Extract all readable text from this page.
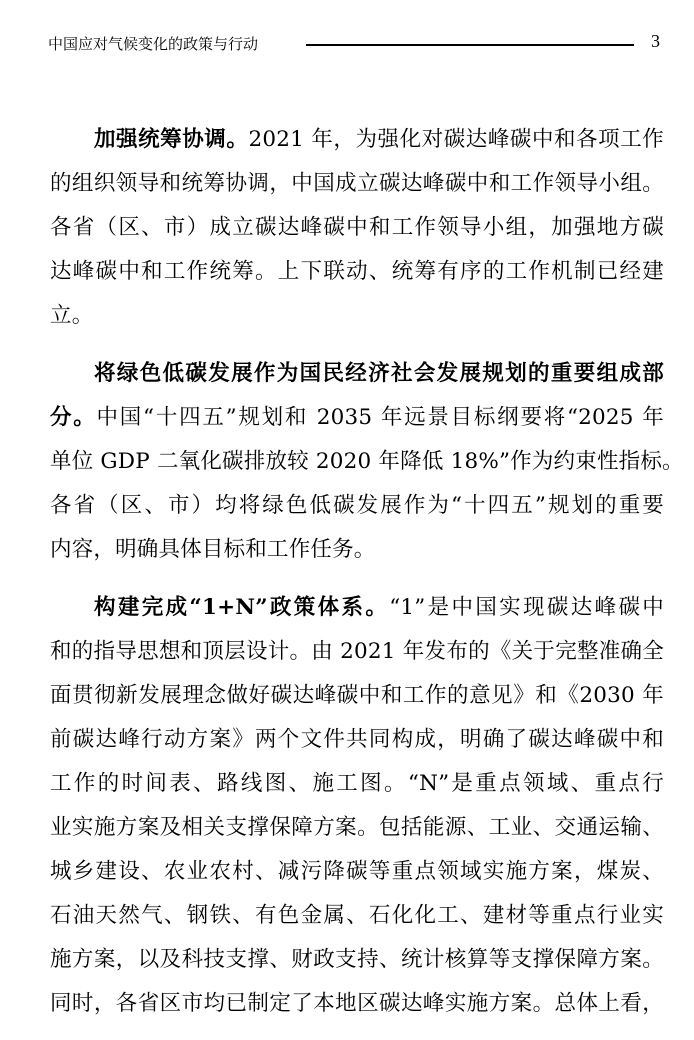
中国应对气候变化的政策与行动	3
加强统筹协调。2021 年，为强化对碳达峰碳中和各项工作
的组织领导和统筹协调，中国成立碳达峰碳中和工作领导小组。
各省（区、市）成立碳达峰碳中和工作领导小组，加强地方碳
达峰碳中和工作统筹。上下联动、统筹有序的工作机制已经建
立。
将绿色低碳发展作为国民经济社会发展规划的重要组成部
分。中国“十四五”规划和 2035 年远景目标纲要将“2025 年
单位 GDP 二氧化碳排放较 2020 年降低 18%”作为约束性指标。
各省（区、市）均将绿色低碳发展作为“十四五”规划的重要
内容，明确具体目标和工作任务。
构建完成“1+N”政策体系。“1”是中国实现碳达峰碳中
和的指导思想和顶层设计。由 2021 年发布的《关于完整准确全
面贯彻新发展理念做好碳达峰碳中和工作的意见》和《2030 年
前碳达峰行动方案》两个文件共同构成，明确了碳达峰碳中和
工作的时间表、路线图、施工图。“N”是重点领域、重点行
业实施方案及相关支撑保障方案。包括能源、工业、交通运输、
城乡建设、农业农村、减污降碳等重点领域实施方案，煤炭、
石油天然气、钢铁、有色金属、石化化工、建材等重点行业实
施方案，以及科技支撑、财政支持、统计核算等支撑保障方案。
同时，各省区市均已制定了本地区碳达峰实施方案。总体上看，
